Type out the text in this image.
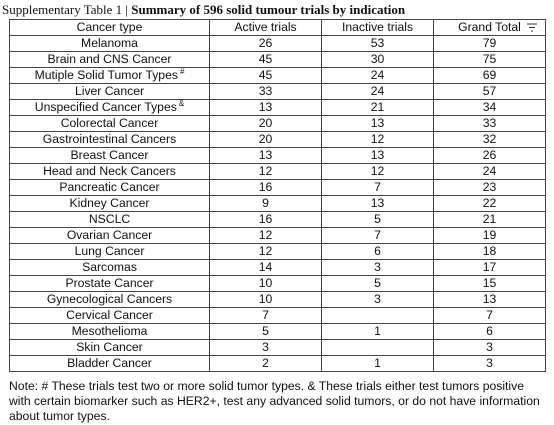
Supplementary Table 1 | Summary of 596 solid tumour trials by indication
Cancer type	Active trials	Inactive trials	Grand Total

Melanoma	26	53	79
Brain and CNS Cancer	45	30	75
Mutiple Solid Tumor Types #	45	24	69
Liver Cancer	33	24	57
Unspecified Cancer Types &	13	21	34
Colorectal Cancer	20	13	33
Gastrointestinal Cancers	20	12	32
Breast Cancer	13	13	26
Head and Neck Cancers	12	12	24
Pancreatic Cancer	16	7	23
Kidney Cancer	9	13	22
NSCLC	16	5	21
Ovarian Cancer	12	7	19
Lung Cancer	12	6	18
Sarcomas	14	3	17
Prostate Cancer	10	5	15
Gynecological Cancers	10	3	13
Cervical Cancer	7		7
Mesothelioma	5	1	6
Skin Cancer	3		3
Bladder Cancer	2	1	3
Note: # These trials test two or more solid tumor types. & These trials either test tumors positive with certain biomarker such as HER2+, test any advanced solid tumors, or do not have information about tumor types.
